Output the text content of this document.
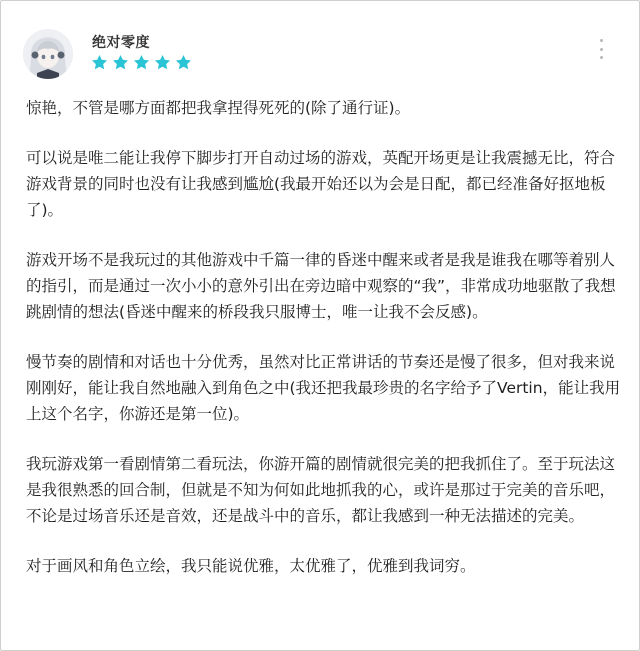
绝对零度

惊艳，不管是哪方面都把我拿捏得死死的(除了通行证)。

可以说是唯二能让我停下脚步打开自动过场的游戏，英配开场更是让我震撼无比，符合游戏背景的同时也没有让我感到尴尬(我最开始还以为会是日配，都已经准备好抠地板了)。

游戏开场不是我玩过的其他游戏中千篇一律的昏迷中醒来或者是我是谁我在哪等着别人的指引，而是通过一次小小的意外引出在旁边暗中观察的“我”，非常成功地驱散了我想跳剧情的想法(昏迷中醒来的桥段我只服博士，唯一让我不会反感)。

慢节奏的剧情和对话也十分优秀，虽然对比正常讲话的节奏还是慢了很多，但对我来说刚刚好，能让我自然地融入到角色之中(我还把我最珍贵的名字给予了Vertin，能让我用上这个名字，你游还是第一位)。

我玩游戏第一看剧情第二看玩法，你游开篇的剧情就很完美的把我抓住了。至于玩法这是我很熟悉的回合制，但就是不知为何如此地抓我的心，或许是那过于完美的音乐吧，不论是过场音乐还是音效，还是战斗中的音乐，都让我感到一种无法描述的完美。

对于画风和角色立绘，我只能说优雅，太优雅了，优雅到我词穷。
